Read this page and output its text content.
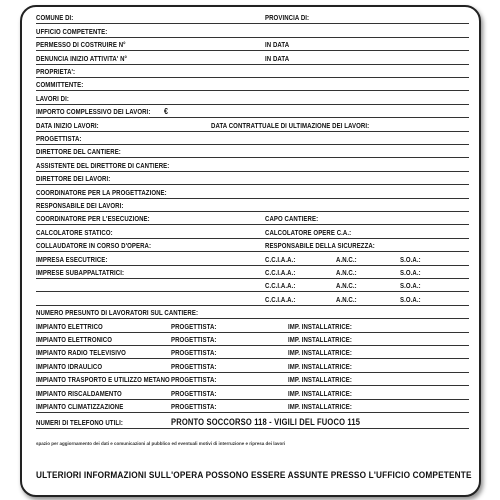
COMUNE DI:	PROVINCIA DI:
UFFICIO COMPETENTE:
PERMESSO DI COSTRUIRE N°	IN DATA
DENUNCIA INIZIO ATTIVITA' N°	IN DATA
PROPRIETA':
COMMITTENTE:
LAVORI DI:
IMPORTO COMPLESSIVO DEI LAVORI: €
DATA INIZIO LAVORI:	DATA CONTRATTUALE DI ULTIMAZIONE DEI LAVORI:
PROGETTISTA:
DIRETTORE DEL CANTIERE:
ASSISTENTE DEL DIRETTORE DI CANTIERE:
DIRETTORE DEI LAVORI:
COORDINATORE PER LA PROGETTAZIONE:
RESPONSABILE DEI LAVORI:
COORDINATORE PER L'ESECUZIONE:	CAPO CANTIERE:
CALCOLATORE STATICO:	CALCOLATORE OPERE C.A.:
COLLAUDATORE IN CORSO D'OPERA:	RESPONSABILE DELLA SICUREZZA:
IMPRESA ESECUTRICE:	C.C.I.A.A.:	A.N.C.:	S.O.A.:
IMPRESE SUBAPPALTATRICI:	C.C.I.A.A.:	A.N.C.:	S.O.A.:
C.C.I.A.A.:	A.N.C.:	S.O.A.:
C.C.I.A.A.:	A.N.C.:	S.O.A.:
NUMERO PRESUNTO DI LAVORATORI SUL CANTIERE:
IMPIANTO ELETTRICO	PROGETTISTA:	IMP. INSTALLATRICE:
IMPIANTO ELETTRONICO	PROGETTISTA:	IMP. INSTALLATRICE:
IMPIANTO RADIO TELEVISIVO	PROGETTISTA:	IMP. INSTALLATRICE:
IMPIANTO IDRAULICO	PROGETTISTA:	IMP. INSTALLATRICE:
IMPIANTO TRASPORTO E UTILIZZO METANO PROGETTISTA:	IMP. INSTALLATRICE:
IMPIANTO RISCALDAMENTO	PROGETTISTA:	IMP. INSTALLATRICE:
IMPIANTO CLIMATIZZAZIONE	PROGETTISTA:	IMP. INSTALLATRICE:
NUMERI DI TELEFONO UTILI:	PRONTO SOCCORSO 118 - VIGILI DEL FUOCO 115
spazio per aggiornamento dei dati e comunicazioni al pubblico ed eventuali motivi di interruzione e ripresa dei lavori
ULTERIORI INFORMAZIONI SULL'OPERA POSSONO ESSERE ASSUNTE PRESSO L'UFFICIO COMPETENTE
